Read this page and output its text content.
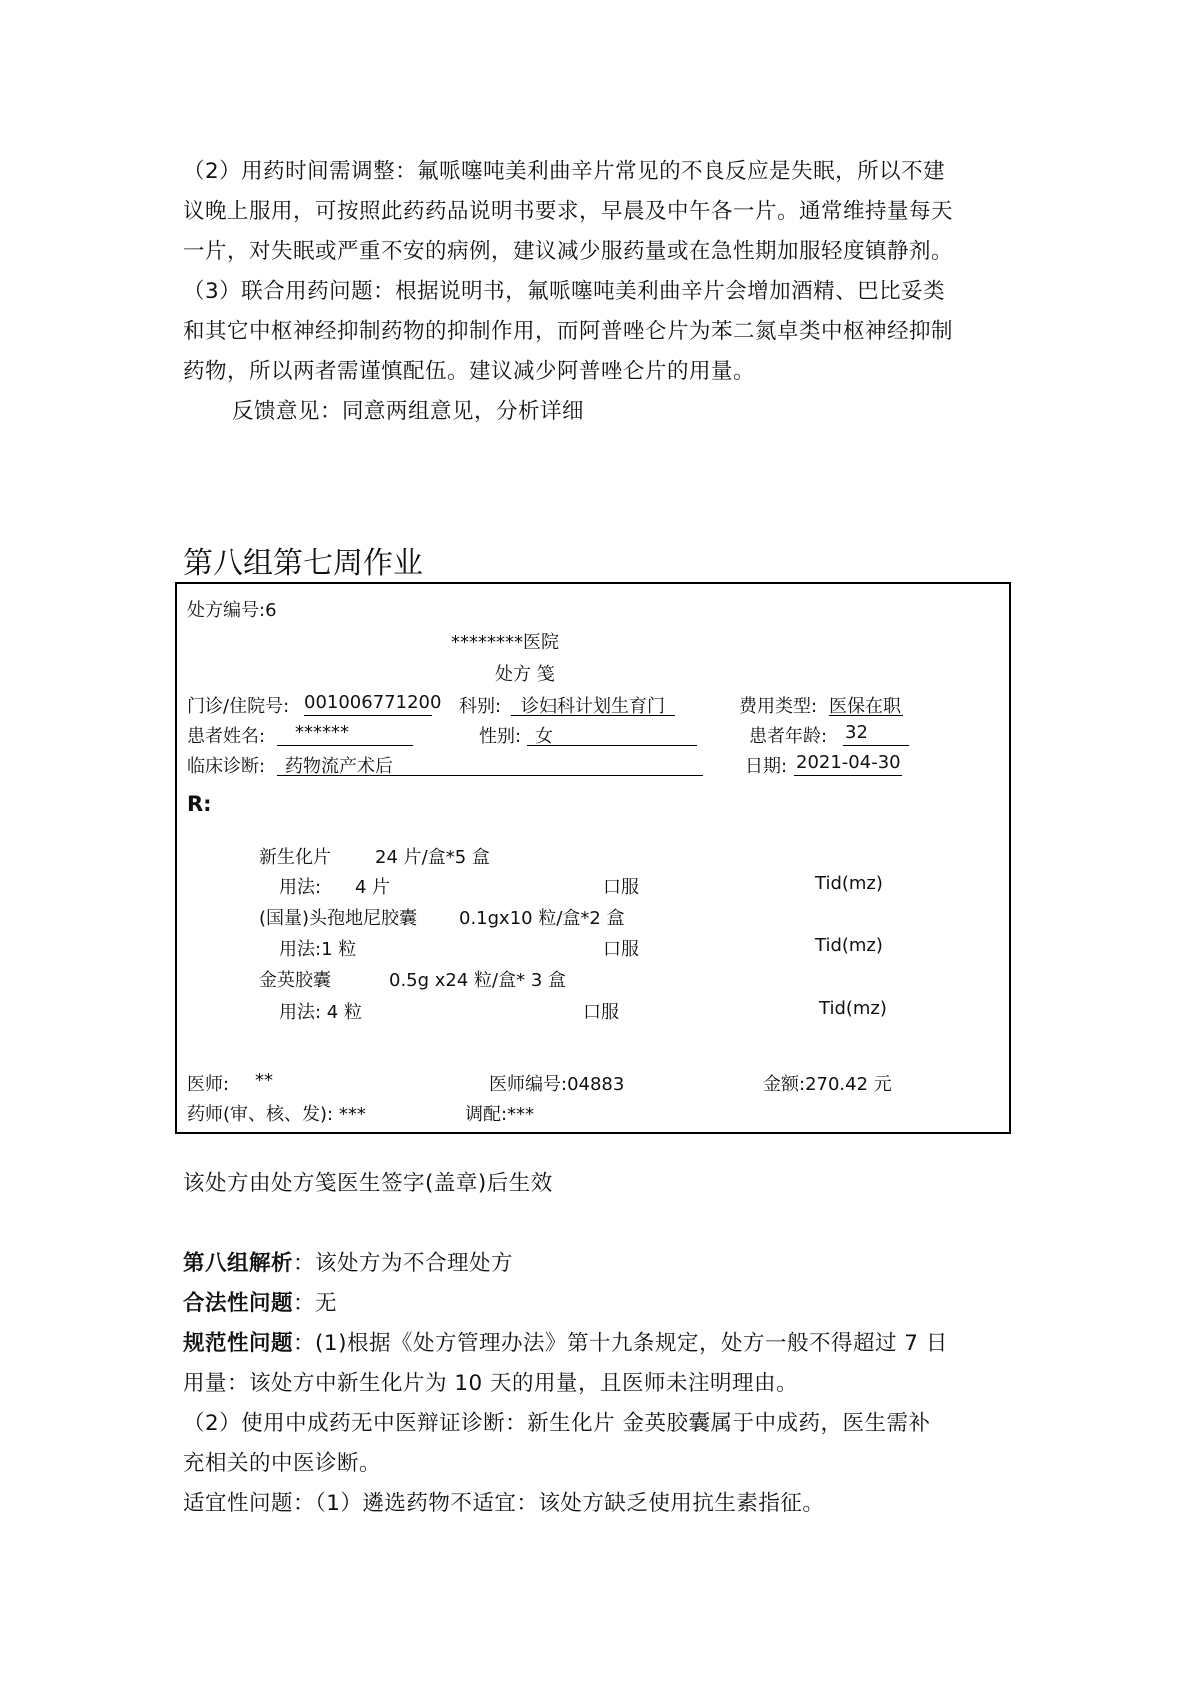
（2）用药时间需调整：氟哌噻吨美利曲辛片常见的不良反应是失眠，所以不建
议晚上服用，可按照此药药品说明书要求，早晨及中午各一片。通常维持量每天
一片，对失眠或严重不安的病例，建议减少服药量或在急性期加服轻度镇静剂。
（3）联合用药问题：根据说明书，氟哌噻吨美利曲辛片会增加酒精、巴比妥类
和其它中枢神经抑制药物的抑制作用，而阿普唑仑片为苯二氮卓类中枢神经抑制
药物，所以两者需谨慎配伍。建议减少阿普唑仑片的用量。
反馈意见：同意两组意见，分析详细
第八组第七周作业
处方编号:6
********医院
处方 笺
门诊/住院号: 001006771200 科别: 诊妇科计划生育门	费用类型: 医保在职
患者姓名: ******	性别: 女	患者年龄: 32
临床诊断: 药物流产术后	日期: 2021-04-30
R:
新生化片 24 片/盒*5 盒
用法: 4 片	口服	Tid(mz)
(国量)头孢地尼胶囊 0.1gx10 粒/盒*2 盒
用法:1 粒	口服	Tid(mz)
金英胶囊	0.5g x24 粒/盒* 3 盒
用法: 4 粒	口服	Tid(mz)
医师: **	医师编号:04883	金额:270.42 元
药师(审、核、发): ***	调配:***
该处方由处方笺医生签字(盖章)后生效
第八组解析：该处方为不合理处方
合法性问题：无
规范性问题：(1)根据《处方管理办法》第十九条规定，处方一般不得超过 7 日
用量：该处方中新生化片为 10 天的用量，且医师未注明理由。
（2）使用中成药无中医辩证诊断：新生化片 金英胶囊属于中成药，医生需补
充相关的中医诊断。
适宜性问题：（1）遴选药物不适宜：该处方缺乏使用抗生素指征。
